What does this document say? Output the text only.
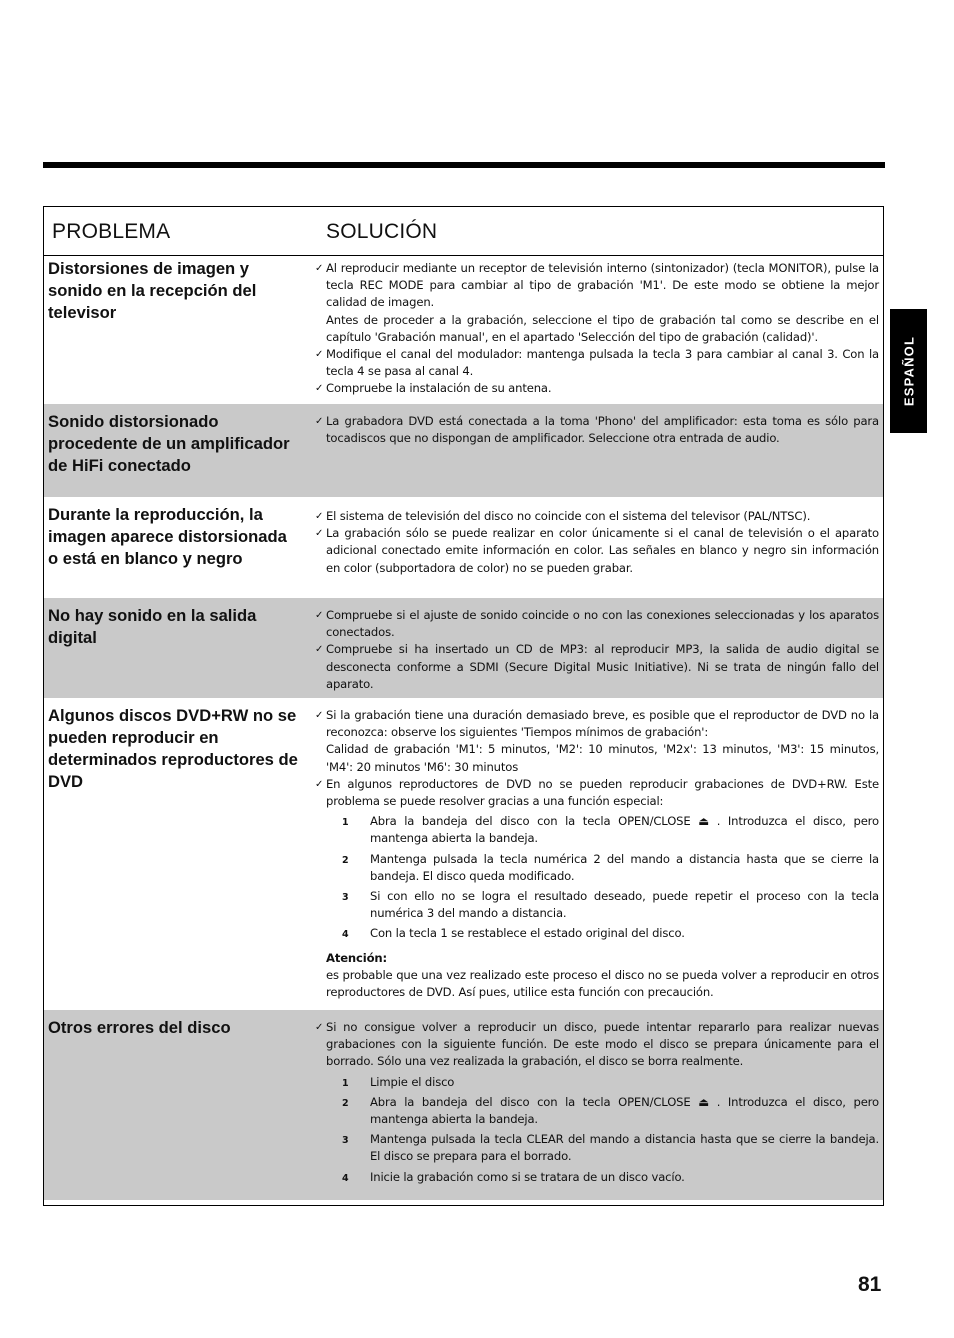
PROBLEMA	SOLUCIÓN
Distorsiones de imagen y sonido en la recepción del televisor
✓ Al reproducir mediante un receptor de televisión interno (sintonizador) (tecla MONITOR), pulse la tecla REC MODE para cambiar al tipo de grabación 'M1'. De este modo se obtiene la mejor calidad de imagen.
Antes de proceder a la grabación, seleccione el tipo de grabación tal como se describe en el capítulo 'Grabación manual', en el apartado 'Selección del tipo de grabación (calidad)'.
✓ Modifique el canal del modulador: mantenga pulsada la tecla 3 para cambiar al canal 3. Con la tecla 4 se pasa al canal 4.
✓ Compruebe la instalación de su antena.
Sonido distorsionado procedente de un amplificador de HiFi conectado
✓ La grabadora DVD está conectada a la toma 'Phono' del amplificador: esta toma es sólo para tocadiscos que no dispongan de amplificador. Seleccione otra entrada de audio.
Durante la reproducción, la imagen aparece distorsionada o está en blanco y negro
✓ El sistema de televisión del disco no coincide con el sistema del televisor (PAL/NTSC).
✓ La grabación sólo se puede realizar en color únicamente si el canal de televisión o el aparato adicional conectado emite información en color. Las señales en blanco y negro sin información en color (subportadora de color) no se pueden grabar.
No hay sonido en la salida digital
✓ Compruebe si el ajuste de sonido coincide o no con las conexiones seleccionadas y los aparatos conectados.
✓ Compruebe si ha insertado un CD de MP3: al reproducir MP3, la salida de audio digital se desconecta conforme a SDMI (Secure Digital Music Initiative). Ni se trata de ningún fallo del aparato.
Algunos discos DVD+RW no se pueden reproducir en determinados reproductores de DVD
✓ Si la grabación tiene una duración demasiado breve, es posible que el reproductor de DVD no la reconozca: observe los siguientes 'Tiempos mínimos de grabación':
Calidad de grabación 'M1': 5 minutos, 'M2': 10 minutos, 'M2x': 13 minutos, 'M3': 15 minutos, 'M4': 20 minutos 'M6': 30 minutos
✓ En algunos reproductores de DVD no se pueden reproducir grabaciones de DVD+RW. Este problema se puede resolver gracias a una función especial:
1 Abra la bandeja del disco con la tecla OPEN/CLOSE ⏏ . Introduzca el disco, pero mantenga abierta la bandeja.
2 Mantenga pulsada la tecla numérica 2 del mando a distancia hasta que se cierre la bandeja. El disco queda modificado.
3 Si con ello no se logra el resultado deseado, puede repetir el proceso con la tecla numérica 3 del mando a distancia.
4 Con la tecla 1 se restablece el estado original del disco.
Atención:
es probable que una vez realizado este proceso el disco no se pueda volver a reproducir en otros reproductores de DVD. Así pues, utilice esta función con precaución.
Otros errores del disco
✓	Si no consigue volver a reproducir un disco, puede intentar repararlo para realizar nuevas grabaciones con la siguiente función. De este modo el disco se prepara únicamente para el borrado. Sólo una vez realizada la grabación, el disco se borra realmente.
1 Limpie el disco
2 Abra la bandeja del disco con la tecla OPEN/CLOSE ⏏ . Introduzca el disco, pero mantenga abierta la bandeja.
3 Mantenga pulsada la tecla CLEAR del mando a distancia hasta que se cierre la bandeja. El disco se prepara para el borrado.
4 Inicie la grabación como si se tratara de un disco vacío.
ESPAÑOL
81
